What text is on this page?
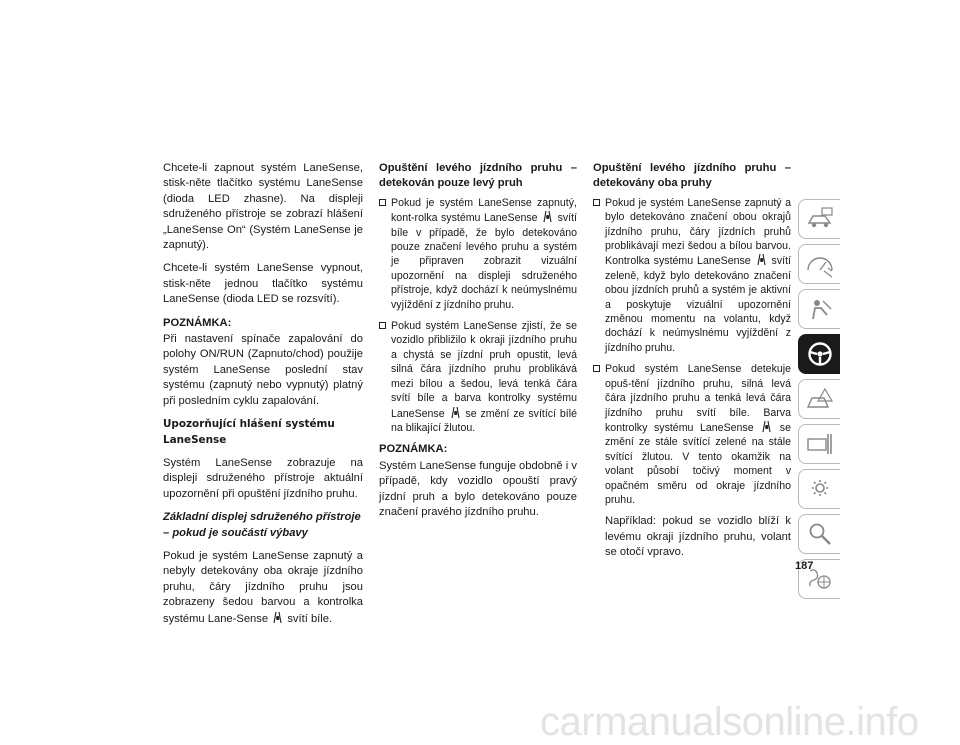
Chcete-li zapnout systém LaneSense, stisk-něte tlačítko systému LaneSense (dioda LED zhasne). Na displeji sdruženého přístroje se zobrazí hlášení „LaneSense On“ (Systém LaneSense je zapnutý).

Chcete-li systém LaneSense vypnout, stisk-něte jednou tlačítko systému LaneSense (dioda LED se rozsvítí).

POZNÁMKA:

Při nastavení spínače zapalování do polohy ON/RUN (Zapnuto/chod) použije systém LaneSense poslední stav systému (zapnutý nebo vypnutý) platný při posledním cyklu zapalování.

Upozorňující hlášení systému LaneSense

Systém LaneSense zobrazuje na displeji sdruženého přístroje aktuální upozornění při opuštění jízdního pruhu.

Základní displej sdruženého přístroje – pokud je součástí výbavy

Pokud je systém LaneSense zapnutý a nebyly detekovány oba okraje jízdního pruhu, čáry jízdního pruhu jsou zobrazeny šedou barvou a kontrolka systému Lane-Sense svítí bíle.

Opuštění levého jízdního pruhu – detekován pouze levý pruh
Pokud je systém LaneSense zapnutý, kont-rolka systému LaneSense svítí bíle v případě, že bylo detekováno pouze značení levého pruhu a systém je připraven zobrazit vizuální upozornění na displeji sdruženého přístroje, když dochází k neúmyslnému vyjíždění z jízdního pruhu.
Pokud systém LaneSense zjistí, že se vozidlo přibližilo k okraji jízdního pruhu a chystá se jízdní pruh opustit, levá silná čára jízdního pruhu problikává mezi bílou a šedou, levá tenká čára svítí bíle a barva kontrolky systému LaneSense se změní ze svítící bílé na blikající žlutou.
POZNÁMKA:

Systém LaneSense funguje obdobně i v případě, kdy vozidlo opouští pravý jízdní pruh a bylo detekováno pouze značení pravého jízdního pruhu.

Opuštění levého jízdního pruhu – detekovány oba pruhy
Pokud je systém LaneSense zapnutý a bylo detekováno značení obou okrajů jízdního pruhu, čáry jízdních pruhů problikávají mezi šedou a bílou barvou. Kontrolka systému LaneSense svítí zeleně, když bylo detekováno značení obou jízdních pruhů a systém je aktivní a poskytuje vizuální upozornění změnou momentu na volantu, když dochází k neúmyslnému vyjíždění z jízdního pruhu.
Pokud systém LaneSense detekuje opuš-tění jízdního pruhu, silná levá čára jízdního pruhu a tenká levá čára jízdního pruhu svítí bíle. Barva kontrolky systému LaneSense se změní ze stále svítící zelené na stále svítící žlutou. V tento okamžik na volant působí točivý moment v opačném směru od okraje jízdního pruhu.

Například: pokud se vozidlo blíží k levému okraji jízdního pruhu, volant se otočí vpravo.

187
carmanualsonline.info
